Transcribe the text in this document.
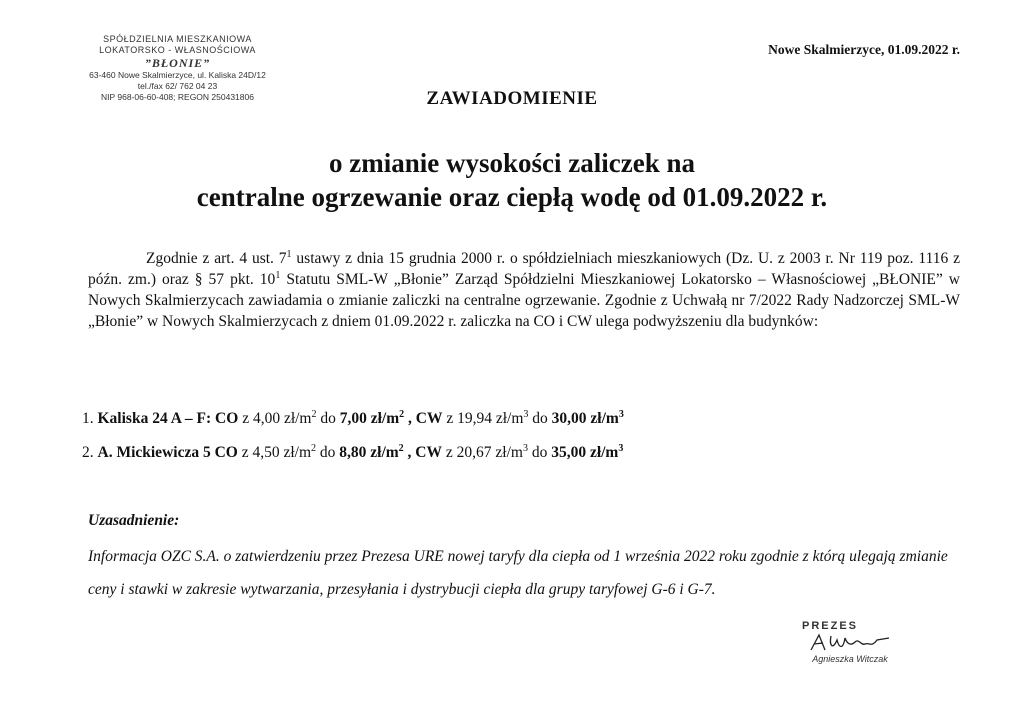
SPÓŁDZIELNIA MIESZKANIOWA
LOKATORSKO - WŁASNOŚCIOWA
”BŁONIE”
63-460 Nowe Skalmierzyce, ul. Kaliska 24D/12
tel./fax 62/ 762 04 23
NIP 968-06-60-408; REGON 250431806
Nowe Skalmierzyce, 01.09.2022 r.
ZAWIADOMIENIE
o zmianie wysokości zaliczek na
centralne ogrzewanie oraz ciepłą wodę od 01.09.2022 r.
Zgodnie z art. 4 ust. $7^1$ ustawy z dnia 15 grudnia 2000 r. o spółdzielniach mieszkaniowych (Dz. U. z 2003 r. Nr 119 poz. 1116 z późn. zm.) oraz § 57 pkt. $10^1$ Statutu SML-W „Błonie” Zarząd Spółdzielni Mieszkaniowej Lokatorsko – Własnościowej „BŁONIE” w Nowych Skalmierzycach zawiadamia o zmianie zaliczki na centralne ogrzewanie. Zgodnie z Uchwałą nr 7/2022 Rady Nadzorczej SML-W „Błonie” w Nowych Skalmierzycach z dniem 01.09.2022 r. zaliczka na CO i CW ulega podwyższeniu dla budynków:
1. Kaliska 24 A – F: CO z 4,00 $zł/m^2$ do 7,00 $zł/m^2$ , CW z 19,94 $zł/m^3$ do 30,00 $zł/m^3$
2. A. Mickiewicza 5 CO z 4,50 $zł/m^2$ do 8,80 $zł/m^2$ , CW z 20,67 $zł/m^3$ do 35,00 $zł/m^3$
Uzasadnienie:
Informacja OZC S.A. o zatwierdzeniu przez Prezesa URE nowej taryfy dla ciepła od 1 września 2022 roku zgodnie z którą ulegają zmianie ceny i stawki w zakresie wytwarzania, przesyłania i dystrybucji ciepła dla grupy taryfowej G-6 i G-7.
PREZES
Agnieszka Witczak
